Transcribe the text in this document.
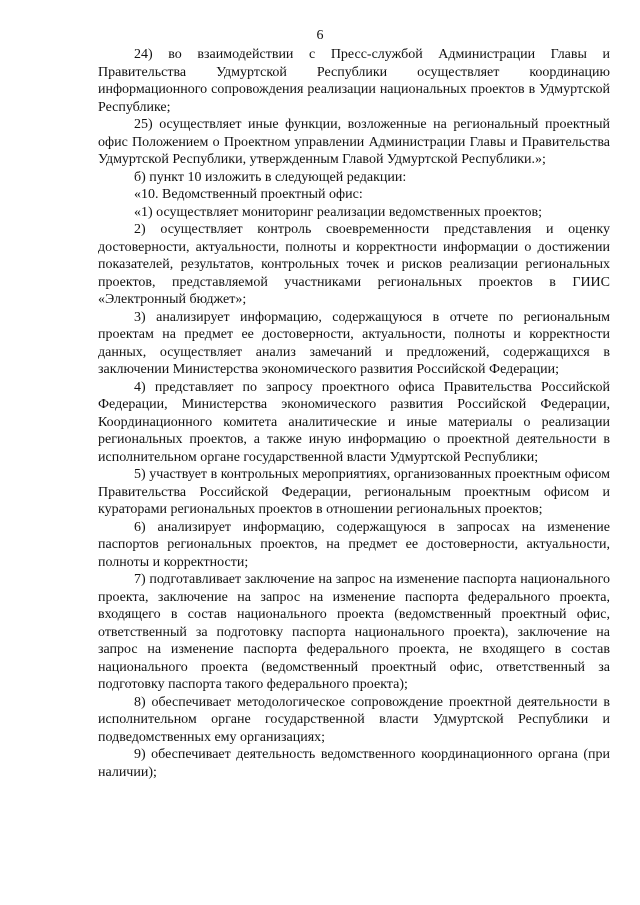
6

24) во взаимодействии с Пресс-службой Администрации Главы и Правительства Удмуртской Республики осуществляет координацию информационного сопровождения реализации национальных проектов в Удмуртской Республике;

25) осуществляет иные функции, возложенные на региональный проектный офис Положением о Проектном управлении Администрации Главы и Правительства Удмуртской Республики, утвержденным Главой Удмуртской Республики.»;

б) пункт 10 изложить в следующей редакции:

«10. Ведомственный проектный офис:

«1) осуществляет мониторинг реализации ведомственных проектов;

2) осуществляет контроль своевременности представления и оценку достоверности, актуальности, полноты и корректности информации о достижении показателей, результатов, контрольных точек и рисков реализации региональных проектов, представляемой участниками региональных проектов в ГИИС «Электронный бюджет»;

3) анализирует информацию, содержащуюся в отчете по региональным проектам на предмет ее достоверности, актуальности, полноты и корректности данных, осуществляет анализ замечаний и предложений, содержащихся в заключении Министерства экономического развития Российской Федерации;

4) представляет по запросу проектного офиса Правительства Российской Федерации, Министерства экономического развития Российской Федерации, Координационного комитета аналитические и иные материалы о реализации региональных проектов, а также иную информацию о проектной деятельности в исполнительном органе государственной власти Удмуртской Республики;

5) участвует в контрольных мероприятиях, организованных проектным офисом Правительства Российской Федерации, региональным проектным офисом и кураторами региональных проектов в отношении региональных проектов;

6) анализирует информацию, содержащуюся в запросах на изменение паспортов региональных проектов, на предмет ее достоверности, актуальности, полноты и корректности;

7) подготавливает заключение на запрос на изменение паспорта национального проекта, заключение на запрос на изменение паспорта федерального проекта, входящего в состав национального проекта (ведомственный проектный офис, ответственный за подготовку паспорта национального проекта), заключение на запрос на изменение паспорта федерального проекта, не входящего в состав национального проекта (ведомственный проектный офис, ответственный за подготовку паспорта такого федерального проекта);

8) обеспечивает методологическое сопровождение проектной деятельности в исполнительном органе государственной власти Удмуртской Республики и подведомственных ему организациях;

9) обеспечивает деятельность ведомственного координационного органа (при наличии);
